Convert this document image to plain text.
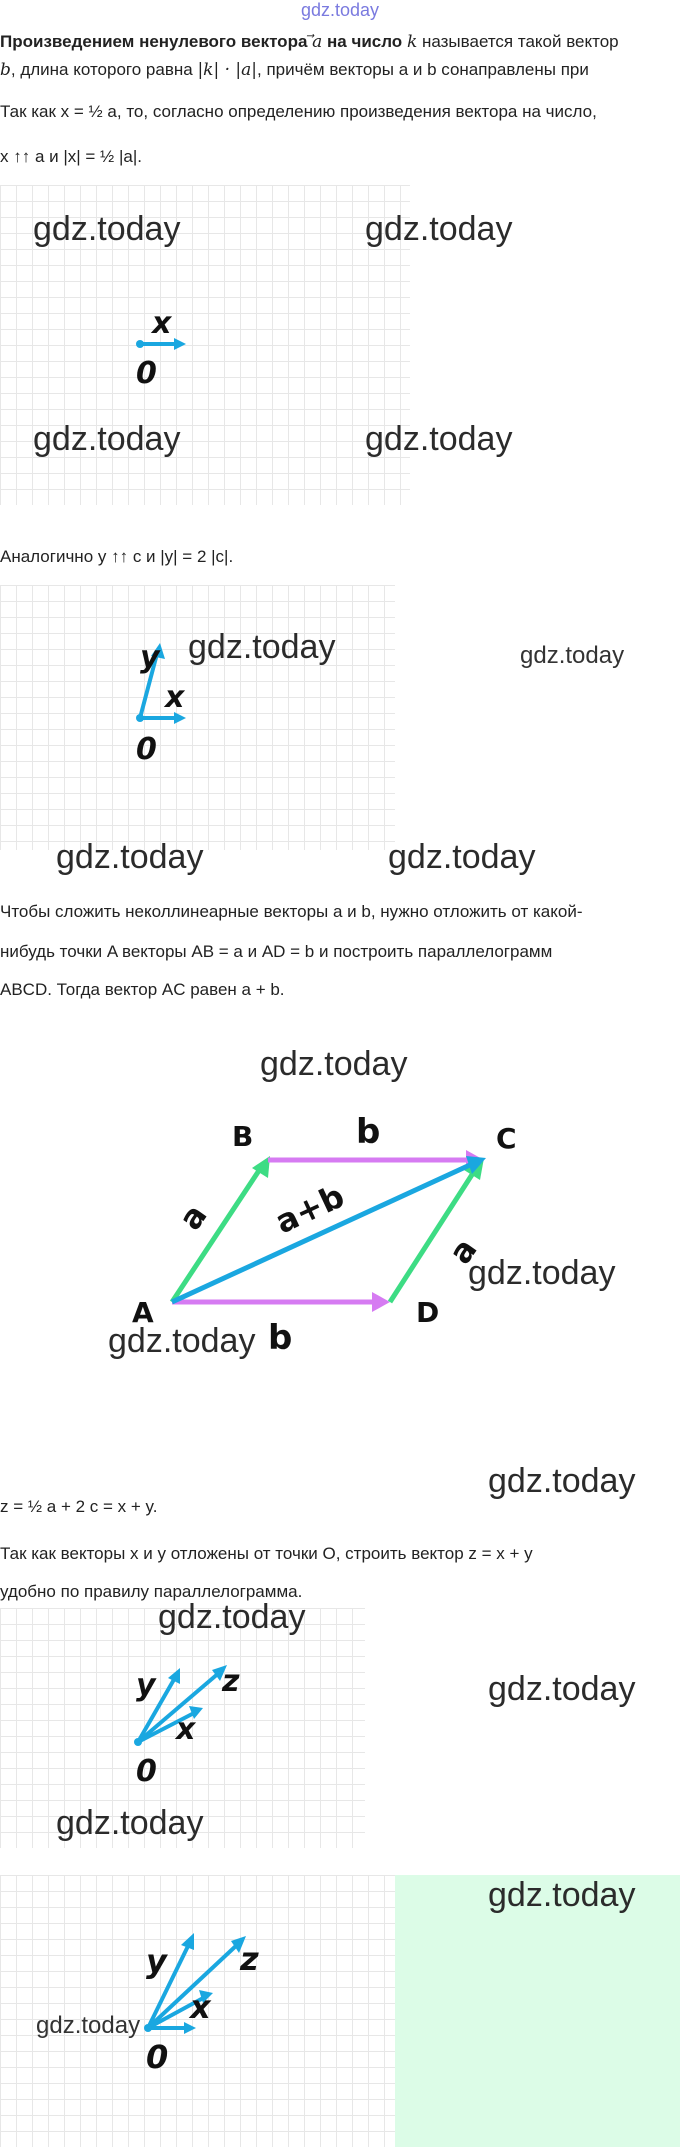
gdz.today
Произведением ненулевого вектора a на число k называется такой вектор
b, длина которого равна |k| · |a|, причём векторы a и b сонаправлены при
Так как x = ½ a, то, согласно определению произведения вектора на число,
x ↑↑ a и |x| = ½ |a|.
gdz.today	gdz.today
gdz.today	gdz.today
x
0
Аналогично y ↑↑ c и |y| = 2 |c|.
gdz.today	gdz.today
gdz.today	gdz.today
y
x
0
Чтобы сложить неколлинеарные векторы a и b, нужно отложить от какой-
нибудь точки A векторы AB = a и AD = b и построить параллелограмм
ABCD. Тогда вектор AC равен a + b.
gdz.today
B	b	C
a a+b
a
gdz.today
A	D
gdz.today b
gdz.today
z = ½ a + 2 c = x + y.
Так как векторы x и y отложены от точки O, строить вектор z = x + y
удобно по правилу параллелограмма.
gdz.today
gdz.today
y z
x
0
gdz.today
gdz.today
y z
x
gdz.today
0
